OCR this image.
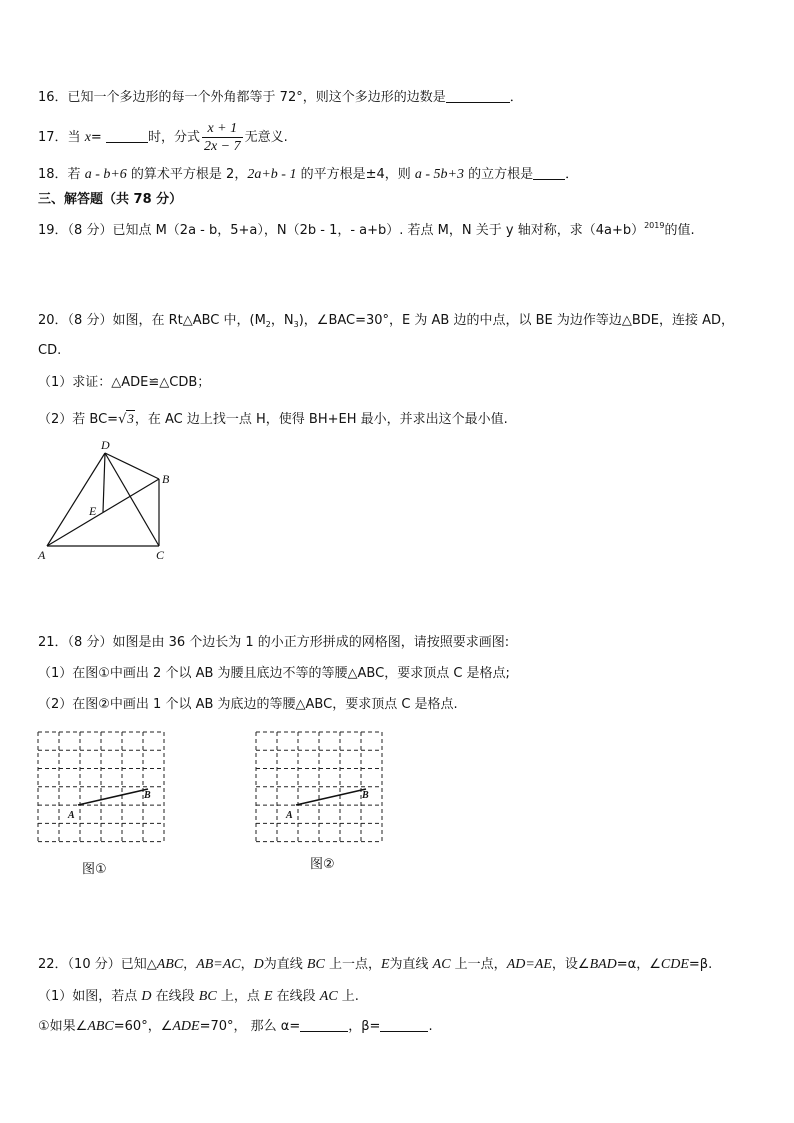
16．已知一个多边形的每一个外角都等于 72°，则这个多边形的边数是	．
17．当 x=	时，分式 $\frac{x + 1}{2x - 7}$ 无意义.
18．若 a - b+6 的算术平方根是 2，2a+b - 1 的平方根是±4，则 a - 5b+3 的立方根是 ．
三、解答题（共 78 分）
19．（8 分）已知点 M（2a - b，5+a），N（2b - 1，- a+b）. 若点 M，N 关于 y 轴对称，求$(4a+b)^{2019}$的值.
20．（8 分）如图，在 Rt△ABC 中，($M_2$，$N_3$)，∠BAC=30°，E 为 AB 边的中点，以 BE 为边作等边△BDE，连接 AD，
CD.
（1）求证：△ADE≌△CDB；
（2）若 BC=√3，在 AC 边上找一点 H，使得 BH+EH 最小，并求出这个最小值.
D
B
E
A	C
21．（8 分）如图是由 36 个边长为 1 的小正方形拼成的网格图，请按照要求画图:
（1）在图①中画出 2 个以 AB 为腰且底边不等的等腰△ABC，要求顶点 C 是格点;
（2）在图②中画出 1 个以 AB 为底边的等腰△ABC，要求顶点 C 是格点.
A
B
图①
A
B
图②
22．（10 分）已知△ABC，AB=AC，D为直线 BC 上一点，E为直线 AC 上一点，AD=AE，设∠BAD=α，∠CDE=β.
（1）如图，若点 D 在线段 BC 上，点 E 在线段 AC 上.
①如果∠ABC=60°，∠ADE=70°， 那么 α=	，β=	.
